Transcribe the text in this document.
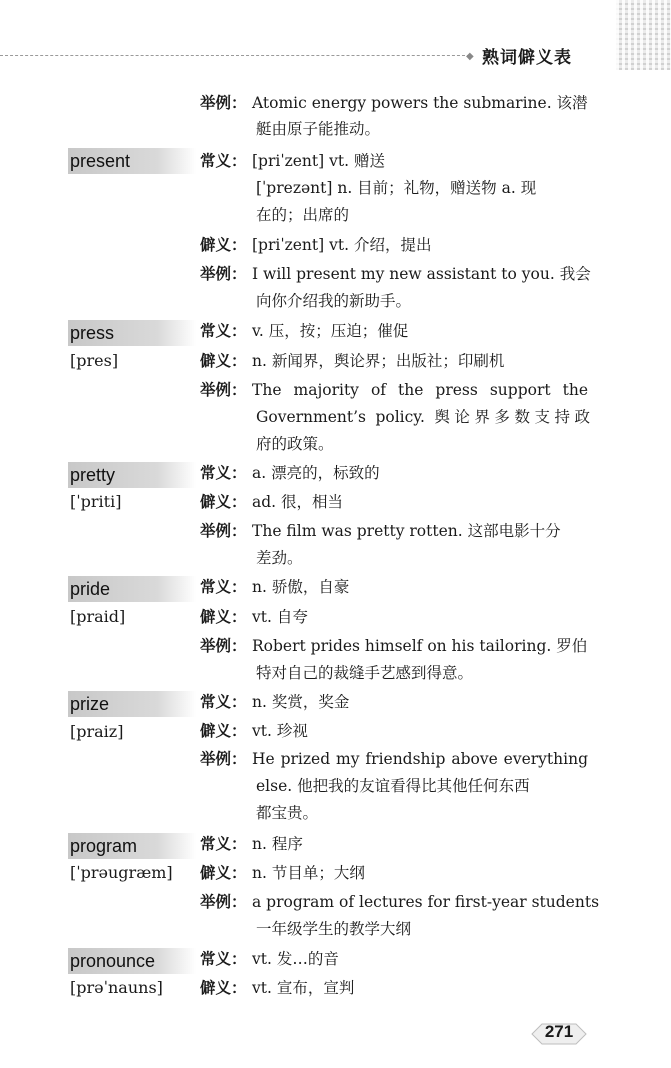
◆ 熟词僻义表
举例： Atomic energy powers the submarine. 该潜
艇由原子能推动。
present	常义： [priˈzent] vt. 赠送
[ˈprezənt] n. 目前；礼物，赠送物 a. 现
在的；出席的
僻义： [priˈzent] vt. 介绍，提出
举例： I will present my new assistant to you. 我会
向你介绍我的新助手。
press
[pres]
常义： v. 压，按；压迫；催促
僻义： n. 新闻界，舆论界；出版社；印刷机
举例： The majority of the press support the
Government’s policy. 舆论界多数支持政
府的政策。
pretty
[ˈpriti]
常义： a. 漂亮的，标致的
僻义： ad. 很，相当
举例： The film was pretty rotten. 这部电影十分
差劲。
pride
[praid]
常义： n. 骄傲，自豪
僻义： vt. 自夸
举例： Robert prides himself on his tailoring. 罗伯
特对自己的裁缝手艺感到得意。
prize
[praiz]
常义： n. 奖赏，奖金
僻义： vt. 珍视
举例： He prized my friendship above everything
else. 他把我的友谊看得比其他任何东西
都宝贵。
program
[ˈprəugræm]
常义： n. 程序
僻义： n. 节目单；大纲
举例： a program of lectures for first-year students
一年级学生的教学大纲
pronounce
[prəˈnauns]
常义： vt. 发…的音
僻义： vt. 宣布，宣判
271
